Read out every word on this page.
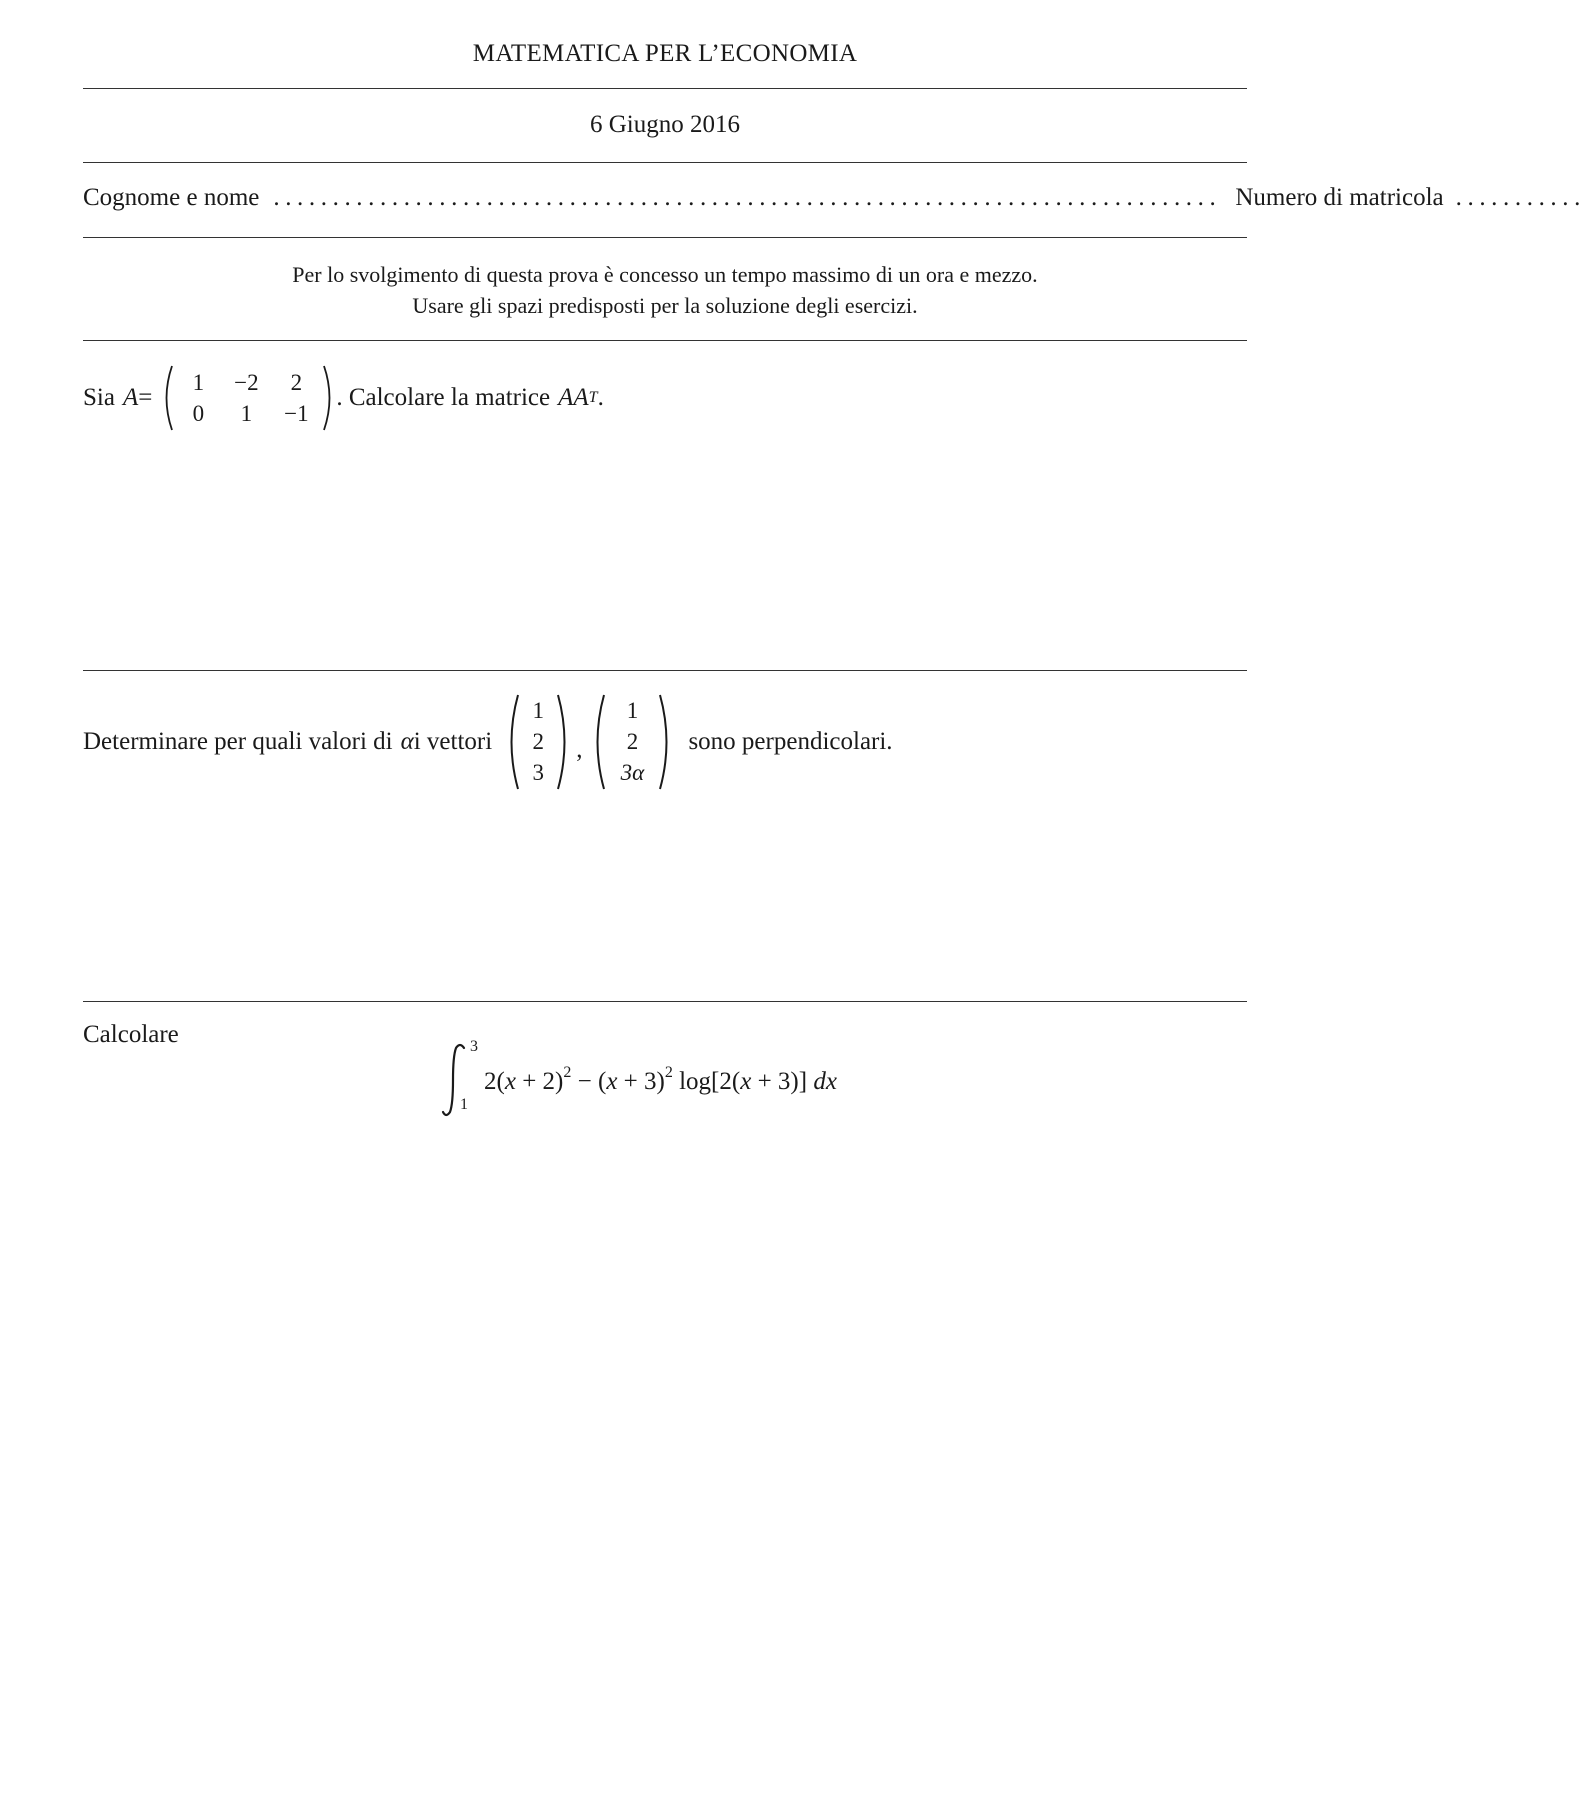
MATEMATICA PER L’ECONOMIA
6 Giugno 2016
Cognome e nome ................................................................................ Numero di matricola ...........
Per lo svolgimento di questa prova è concesso un tempo massimo di un ora e mezzo.
Usare gli spazi predisposti per la soluzione degli esercizi.
Sia A =
1	−2	2
0	1	−1
. Calcolare la matrice AA T .
Determinare per quali valori di α i vettori
1
2
3
,
1
2
3α
sono perpendicolari.
Calcolare	3
1
$2(x + 2)^2 - (x + 3)^2$ log[2(x + 3)] dx
